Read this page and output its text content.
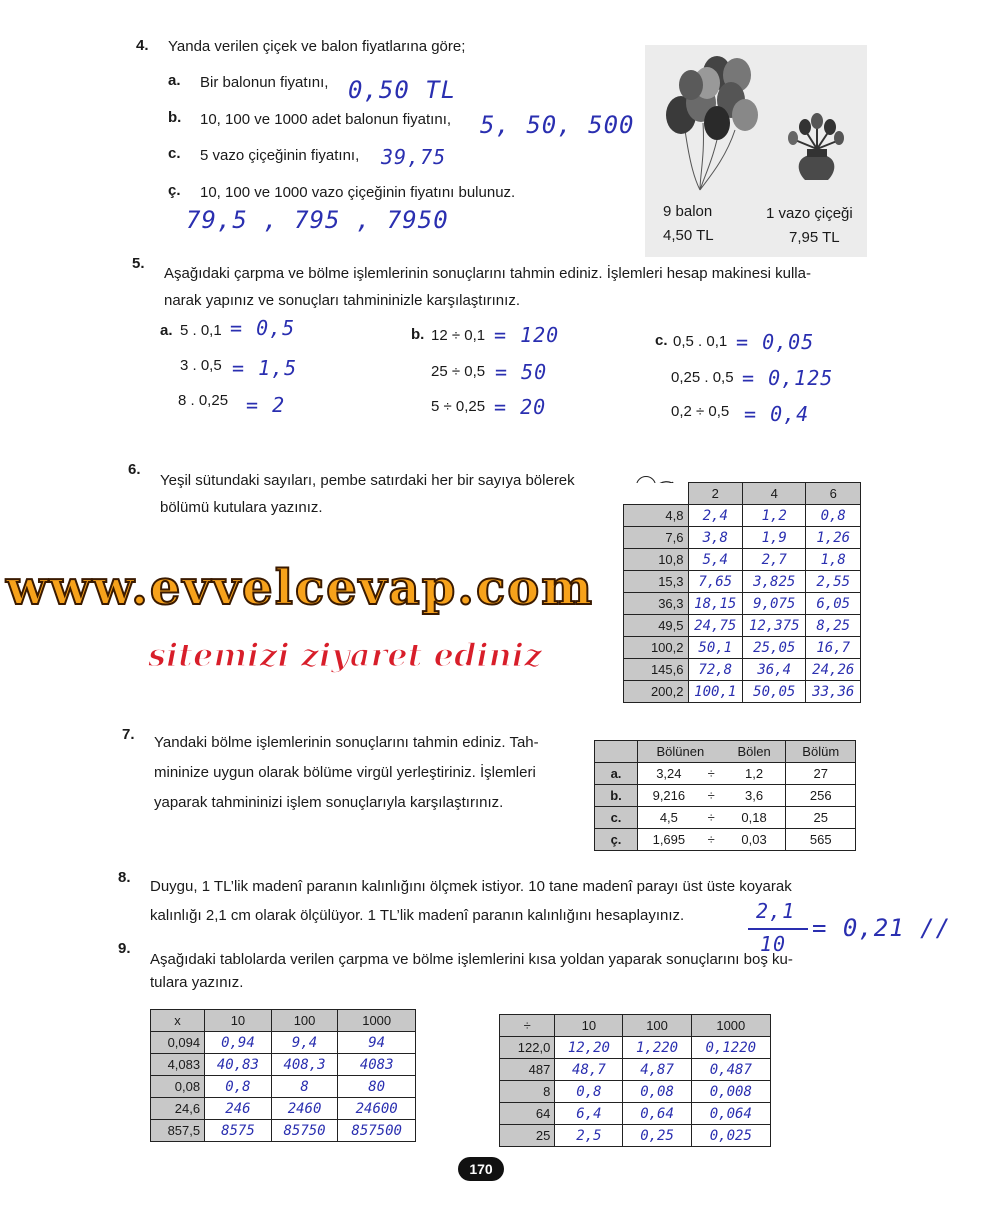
4. Yanda verilen çiçek ve balon fiyatlarına göre;
a. Bir balonun fiyatını, 0,50 TL
b. 10, 100 ve 1000 adet balonun fiyatını, 5, 50, 500
c. 5 vazo çiçeğinin fiyatını, 39,75
ç. 10, 100 ve 1000 vazo çiçeğinin fiyatını bulunuz.
79,5 , 795 , 7950	9 balon
4,50 TL
1 vazo çiçeği
7,95 TL
5.
Aşağıdaki çarpma ve bölme işlemlerinin sonuçlarını tahmin ediniz. İşlemleri hesap makinesi kulla-
narak yapınız ve sonuçları tahmininizle karşılaştırınız.
a. 5 . 0,1 = 0,5
3 . 0,5 = 1,5
8 . 0,25 = 2
b. 12 ÷ 0,1 = 120
25 ÷ 0,5 = 50
5 ÷ 0,25 = 20
c. 0,5 . 0,1 = 0,05
0,25 . 0,5 = 0,125
0,2 ÷ 0,5 = 0,4
6.
Yeşil sütundaki sayıları, pembe satırdaki her bir sayıya bölerek
bölümü kutulara yazınız.
	2	4	6
4,8	2,4	1,2	0,8
7,6	3,8	1,9	1,26
10,8	5,4	2,7	1,8
15,3	7,65	3,825	2,55
36,3	18,15	9,075	6,05
49,5	24,75	12,375	8,25
100,2	50,1	25,05	16,7
145,6	72,8	36,4	24,26
200,2	100,1	50,05	33,36
www.evvelcevap.com
sitemizi ziyaret ediniz
7. Yandaki bölme işlemlerinin sonuçlarını tahmin ediniz. Tah-
mininize uygun olarak bölüme virgül yerleştiriniz. İşlemleri
yaparak tahmininizi işlem sonuçlarıyla karşılaştırınız.
	Bölünen		Bölen	Bölüm
a.	3,24	÷	1,2	27
b.	9,216	÷	3,6	256
c.	4,5	÷	0,18	25
ç.	1,695	÷	0,03	565
8.
Duygu, 1 TL’lik madenî paranın kalınlığını ölçmek istiyor. 10 tane madenî parayı üst üste koyarak
kalınlığı 2,1 cm olarak ölçülüyor. 1 TL’lik madenî paranın kalınlığını hesaplayınız.	2,1
10
= 0,21 //
9.
Aşağıdaki tablolarda verilen çarpma ve bölme işlemlerini kısa yoldan yaparak sonuçlarını boş ku-
tulara yazınız.
x	10	100	1000
0,094	0,94	9,4	94
4,083	40,83	408,3	4083
0,08	0,8	8	80
24,6	246	2460	24600
857,5	8575	85750	857500
÷	10	100	1000
122,0	12,20	1,220	0,1220
487	48,7	4,87	0,487
8	0,8	0,08	0,008
64	6,4	0,64	0,064
25	2,5	0,25	0,025
170
